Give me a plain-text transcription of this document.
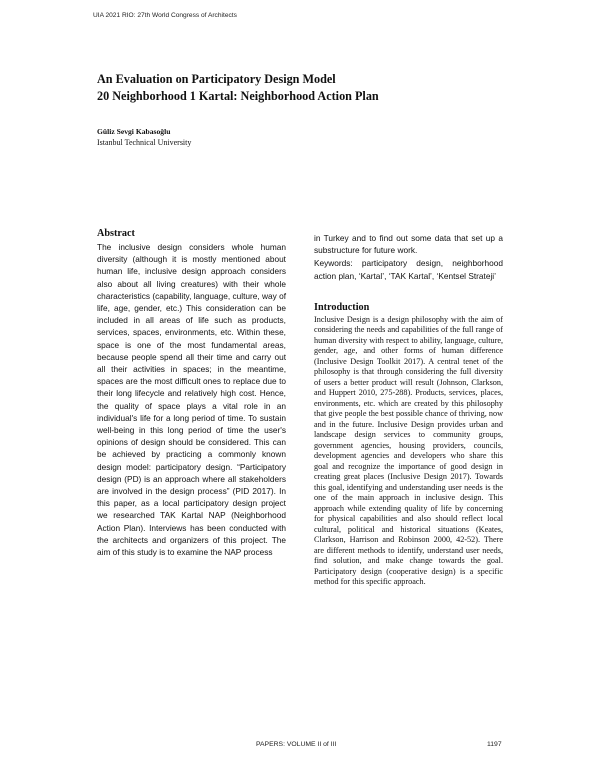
UIA 2021 RIO: 27th World Congress of Architects
An Evaluation on Participatory Design Model
20 Neighborhood 1 Kartal: Neighborhood Action Plan
Güliz Sevgi Kabasoğlu
Istanbul Technical University
Abstract

The inclusive design considers whole human diversity (although it is mostly mentioned about human life, inclusive design approach considers also about all living creatures) with their whole characteristics (capability, language, culture, way of life, age, gender, etc.) This consideration can be included in all areas of life such as products, services, spaces, environments, etc. Within these, space is one of the most fundamental areas, because people spend all their time and carry out all their activities in spaces; in the meantime, spaces are the most difficult ones to replace due to their long lifecycle and relatively high cost. Hence, the quality of space plays a vital role in an individual's life for a long period of time. To sustain well-being in this long period of time the user's opinions of design should be considered. This can be achieved by practicing a commonly known design model: participatory design. “Participatory design (PD) is an approach where all stakeholders are involved in the design process” (PID 2017). In this paper, as a local participatory design project we researched TAK Kartal NAP (Neighborhood Action Plan). Interviews has been conducted with the architects and organizers of this project. The aim of this study is to examine the NAP process

in Turkey and to find out some data that set up a substructure for future work.

Keywords: participatory design, neighborhood action plan, ‘Kartal’, ‘TAK Kartal’, ‘Kentsel Strateji’

Introduction

Inclusive Design is a design philosophy with the aim of considering the needs and capabilities of the full range of human diversity with respect to ability, language, culture, gender, age, and other forms of human difference (Inclusive Design Toolkit 2017). A central tenet of the philosophy is that through considering the full diversity of users a better product will result (Johnson, Clarkson, and Huppert 2010, 275-288). Products, services, places, environments, etc. which are created by this philosophy that give people the best possible chance of thriving, now and in the future. Inclusive Design provides urban and landscape design services to community groups, government agencies, housing providers, councils, development agencies and developers who share this goal and recognize the importance of good design in creating great places (Inclusive Design 2017). Towards this goal, identifying and understanding user needs is the one of the main approach in inclusive design. This approach while extending quality of life by concerning for physical capabilities and also should reflect local cultural, political and historical situations (Keates, Clarkson, Harrison and Robinson 2000, 42-52). There are different methods to identify, understand user needs, find solution, and make change towards the goal. Participatory design (cooperative design) is a specific method for this specific approach.

PAPERS: VOLUME II of III	1197
